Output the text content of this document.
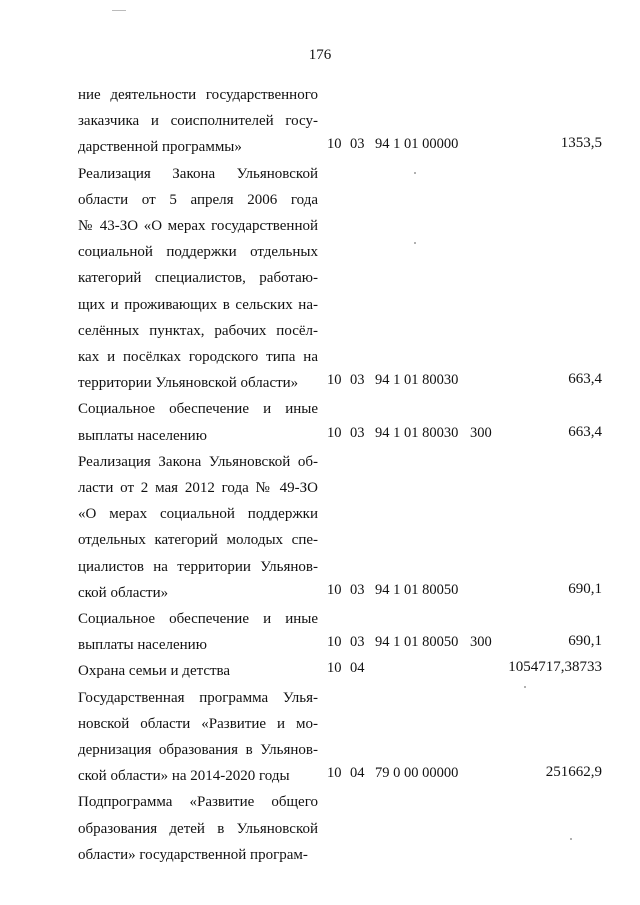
176
ние деятельности государственного
заказчика и соисполнителей госу-
дарственной программы»	10 03 94 1 01 00000	1353,5
Реализация Закона Ульяновской
области от 5 апреля 2006 года
№ 43-ЗО «О мерах государственной
социальной поддержки отдельных
категорий специалистов, работаю-
щих и проживающих в сельских на-
селённых пунктах, рабочих посёл-
ках и посёлках городского типа на
территории Ульяновской области»	10 03 94 1 01 80030	663,4
Социальное обеспечение и иные
выплаты населению	10 03 94 1 01 80030 300	663,4
Реализация Закона Ульяновской об-
ласти от 2 мая 2012 года № 49-ЗО
«О мерах социальной поддержки
отдельных категорий молодых спе-
циалистов на территории Ульянов-
ской области»	10 03 94 1 01 80050	690,1
Социальное обеспечение и иные
выплаты населению	10 03 94 1 01 80050 300	690,1
Охрана семьи и детства	10 04	1054717,38733
Государственная программа Улья-
новской области «Развитие и мо-
дернизация образования в Ульянов-
ской области» на 2014-2020 годы	10 04 79 0 00 00000	251662,9
Подпрограмма «Развитие общего
образования детей в Ульяновской
области» государственной програм-
